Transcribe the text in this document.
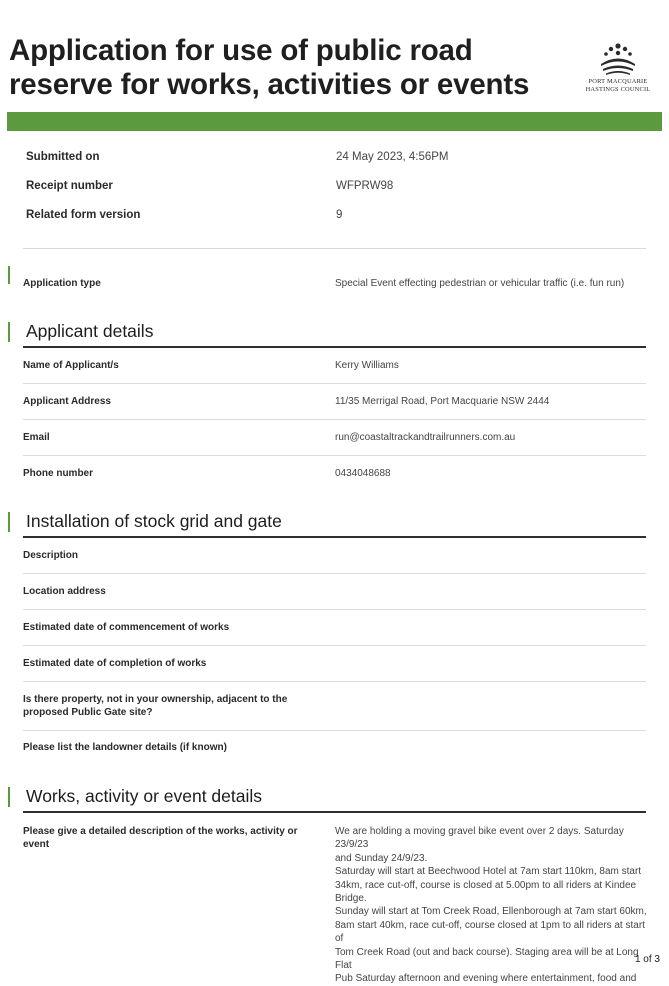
Application for use of public road
reserve for works, activities or events	PORT MACQUARIE
HASTINGS COUNCIL
Submitted on	24 May 2023, 4:56PM
Receipt number	WFPRW98
Related form version	9
Application type	Special Event effecting pedestrian or vehicular traffic (i.e. fun run)
Applicant details
Name of Applicant/s	Kerry Williams
Applicant Address	11/35 Merrigal Road, Port Macquarie NSW 2444
Email	run@coastaltrackandtrailrunners.com.au
Phone number	0434048688
Installation of stock grid and gate
Description
Location address
Estimated date of commencement of works
Estimated date of completion of works
Is there property, not in your ownership, adjacent to the
proposed Public Gate site?
Please list the landowner details (if known)
Works, activity or event details
Please give a detailed description of the works, activity or event

We are holding a moving gravel bike event over 2 days. Saturday 23/9/23

and Sunday 24/9/23.

Saturday will start at Beechwood Hotel at 7am start 110km, 8am start

34km, race cut-off, course is closed at 5.00pm to all riders at Kindee

Bridge.

Sunday will start at Tom Creek Road, Ellenborough at 7am start 60km,

8am start 40km, race cut-off, course closed at 1pm to all riders at start of

Tom Creek Road (out and back course). Staging area will be at Long Flat

Pub Saturday afternoon and evening where entertainment, food and

1 of 3
